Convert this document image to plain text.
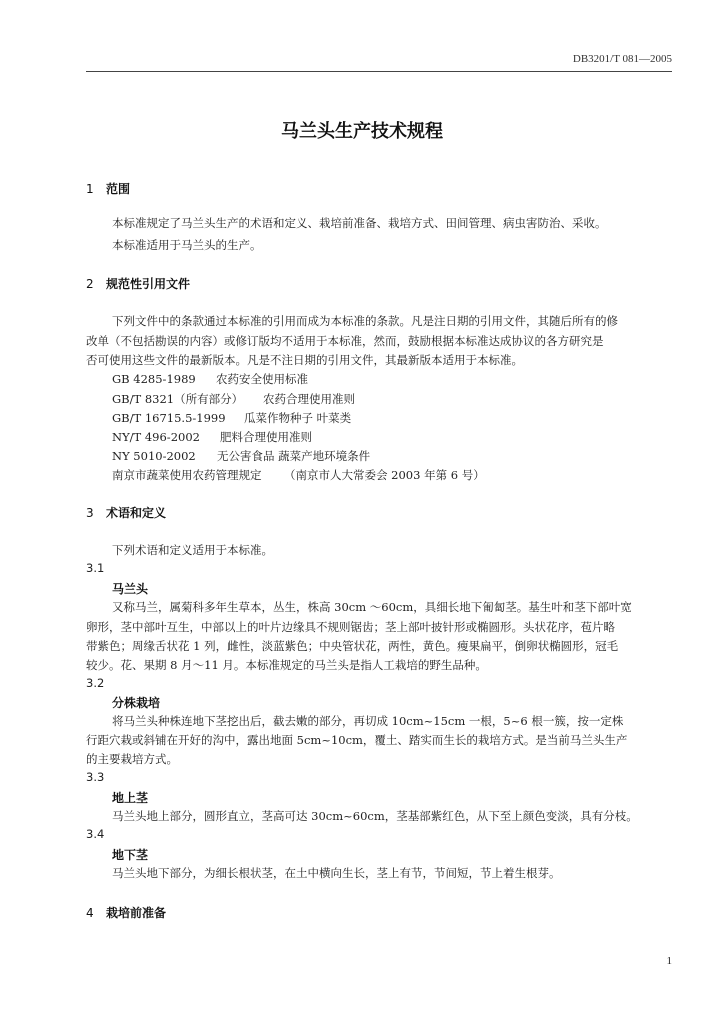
DB3201/T 081—2005
马兰头生产技术规程
1 范围
本标准规定了马兰头生产的术语和定义、栽培前准备、栽培方式、田间管理、病虫害防治、采收。
本标准适用于马兰头的生产。
2 规范性引用文件
下列文件中的条款通过本标准的引用而成为本标准的条款。凡是注日期的引用文件，其随后所有的修
改单（不包括勘误的内容）或修订版均不适用于本标准，然而，鼓励根据本标准达成协议的各方研究是
否可使用这些文件的最新版本。凡是不注日期的引用文件，其最新版本适用于本标准。
GB 4285-1989 农药安全使用标准
GB/T 8321（所有部分） 农药合理使用准则
GB/T 16715.5-1999 瓜菜作物种子 叶菜类
NY/T 496-2002 肥料合理使用准则
NY 5010-2002 无公害食品 蔬菜产地环境条件
南京市蔬菜使用农药管理规定 （南京市人大常委会 2003 年第 6 号）
3 术语和定义
下列术语和定义适用于本标准。
3.1
马兰头
又称马兰，属菊科多年生草本，丛生，株高 30cm ～60cm，具细长地下匍匐茎。基生叶和茎下部叶宽
卵形，茎中部叶互生，中部以上的叶片边缘具不规则锯齿；茎上部叶披针形或椭圆形。头状花序，苞片略
带紫色；周缘舌状花 1 列，雌性，淡蓝紫色；中央管状花，两性，黄色。瘦果扁平，倒卵状椭圆形，冠毛
较少。花、果期 8 月～11 月。本标准规定的马兰头是指人工栽培的野生品种。
3.2
分株栽培
将马兰头种株连地下茎挖出后，截去嫩的部分，再切成 10cm~15cm 一根，5~6 根一簇，按一定株
行距穴栽或斜铺在开好的沟中，露出地面 5cm~10cm，覆土、踏实而生长的栽培方式。是当前马兰头生产
的主要栽培方式。
3.3
地上茎
马兰头地上部分，圆形直立，茎高可达 30cm~60cm，茎基部紫红色，从下至上颜色变淡，具有分枝。
3.4
地下茎
马兰头地下部分，为细长根状茎，在土中横向生长，茎上有节，节间短，节上着生根芽。
4 栽培前准备
1
